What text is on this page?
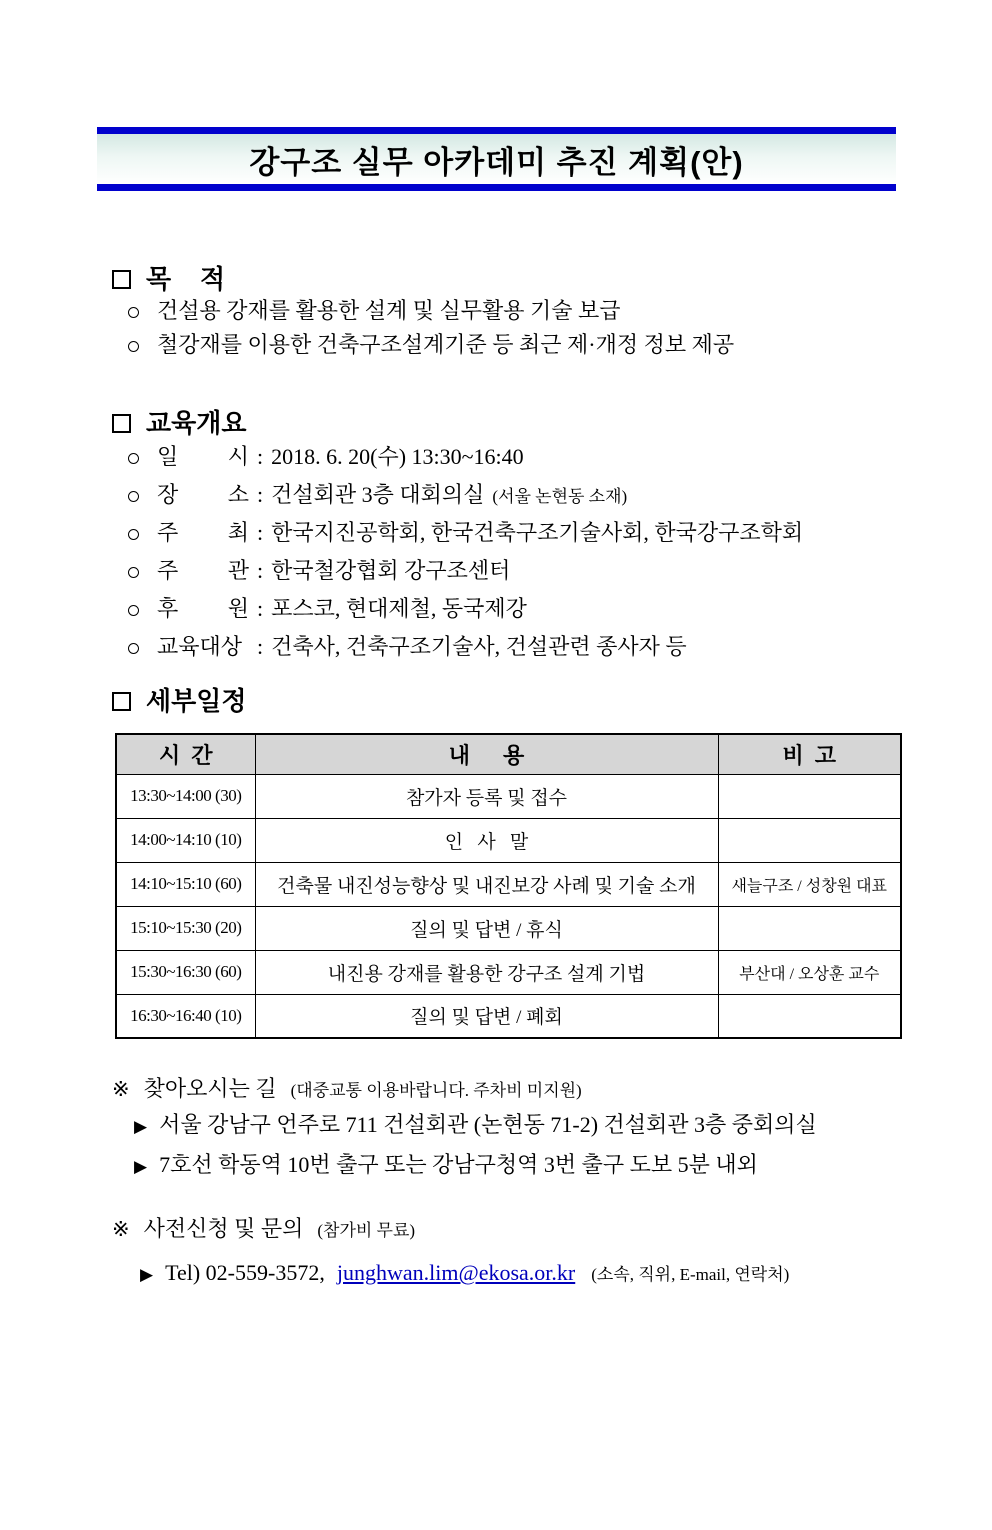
강구조 실무 아카데미 추진 계획(안)
목    적
건설용 강재를 활용한 설계 및 실무활용 기술 보급
철강재를 이용한 건축구조설계기준 등 최근 제·개정 정보 제공
교육개요
일 시 : 2018. 6. 20(수) 13:30~16:40
장 소 : 건설회관 3층 대회의실 (서울 논현동 소재)
주 최 : 한국지진공학회, 한국건축구조기술사회, 한국강구조학회
주 관 : 한국철강협회 강구조센터
후 원 : 포스코, 현대제철, 동국제강
교육대상 : 건축사, 건축구조기술사, 건설관련 종사자 등
세부일정
시  간	내      용	비  고
13:30~14:00 (30)	참가자 등록 및 접수	
14:00~14:10 (10)	인   사   말	
14:10~15:10 (60)	건축물 내진성능향상 및 내진보강 사례 및 기술 소개	새늘구조 / 성창원 대표
15:10~15:30 (20)	질의 및 답변 / 휴식	
15:30~16:30 (60)	내진용 강재를 활용한 강구조 설계 기법	부산대 / 오상훈 교수
16:30~16:40 (10)	질의 및 답변 / 폐회	
※ 찾아오시는 길 (대중교통 이용바랍니다. 주차비 미지원)
▶ 서울 강남구 언주로 711 건설회관 (논현동 71-2) 건설회관 3층 중회의실
▶ 7호선 학동역 10번 출구 또는 강남구청역 3번 출구 도보 5분 내외
※ 사전신청 및 문의 (참가비 무료)
▶ Tel) 02-559-3572, junghwan.lim@ekosa.or.kr (소속, 직위, E-mail, 연락처)
